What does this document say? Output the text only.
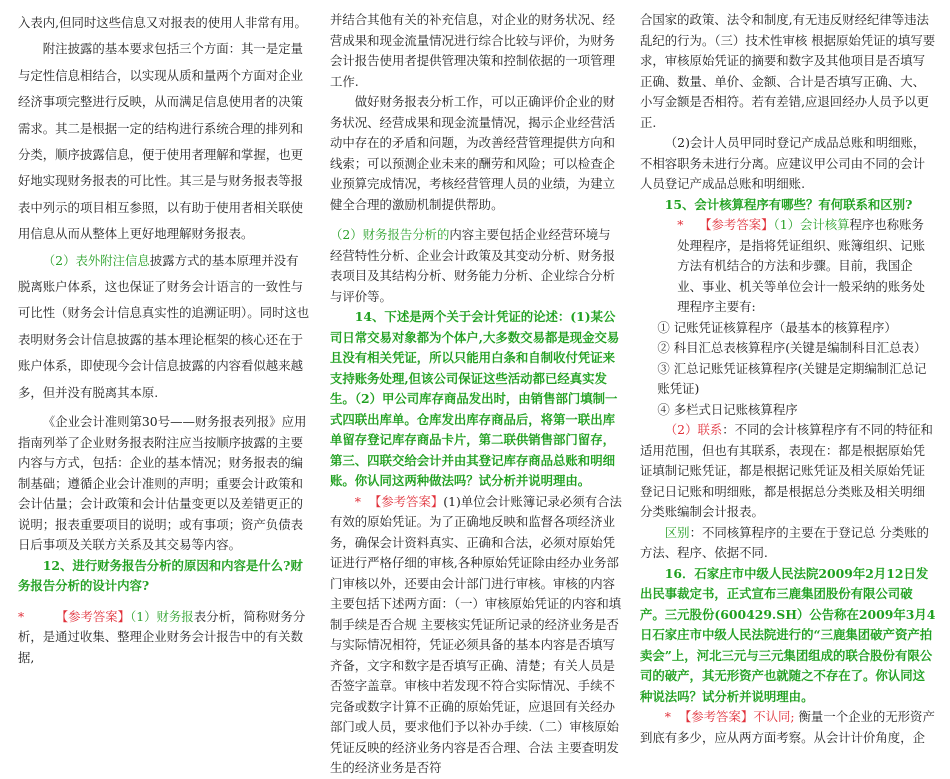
入表内,但同时这些信息又对报表的使用人非常有用。

附注披露的基本要求包括三个方面：其一是定量与定性信息相结合，以实现从质和量两个方面对企业经济事项完整进行反映，从而满足信息使用者的决策需求。其二是根据一定的结构进行系统合理的排列和分类，顺序披露信息，便于使用者理解和掌握，也更好地实现财务报表的可比性。其三是与财务报表等报表中列示的项目相互参照，以有助于使用者相关联使用信息从而从整体上更好地理解财务报表。

（2）表外附注信息披露方式的基本原理并没有脱离账户体系，这也保证了财务会计语言的一致性与可比性（财务会计信息真实性的追溯证明）。同时这也表明财务会计信息披露的基本理论框架的核心还在于账户体系，即使现今会计信息披露的内容看似越来越多，但并没有脱离其本原.

《企业会计准则第30号——财务报表列报》应用指南列举了企业财务报表附注应当按顺序披露的主要内容与方式，包括：企业的基本情况；财务报表的编制基础；遵循企业会计准则的声明；重要会计政策和会计估量；会计政策和会计估量变更以及差错更正的说明；报表重要项目的说明；或有事项；资产负债表日后事项及关联方关系及其交易等内容。

12、进行财务报告分析的原因和内容是什么?财务报告分析的设计内容?

*	【参考答案】（1）财务报表分析，简称财务分析，是通过收集、整理企业财务会计报告中的有关数据,

并结合其他有关的补充信息，对企业的财务状况、经营成果和现金流量情况进行综合比较与评价，为财务会计报告使用者提供管理决策和控制依据的一项管理工作.

做好财务报表分析工作，可以正确评价企业的财务状况、经营成果和现金流量情况，揭示企业经营活动中存在的矛盾和问题，为改善经营管理提供方向和线索；可以预测企业未来的酬劳和风险；可以检查企业预算完成情况，考核经营管理人员的业绩，为建立健全合理的激励机制提供帮助。

（2）财务报告分析的内容主要包括企业经营环境与经营特性分析、企业会计政策及其变动分析、财务报表项目及其结构分析、财务能力分析、企业综合分析与评价等。

14、下述是两个关于会计凭证的论述：(1)某公司日常交易对象都为个体户,大多数交易都是现金交易且没有相关凭证，所以只能用白条和自制收付凭证来支持账务处理,但该公司保证这些活动都已经真实发生。（2）甲公司库存商品发出时，由销售部门填制一式四联出库单。仓库发出库存商品后，将第一联出库单留存登记库存商品卡片，第二联供销售部门留存，第三、四联交给会计并由其登记库存商品总账和明细账。你认同这两种做法吗？试分析并说明理由。

* 【参考答案】(1)单位会计账簿记录必须有合法有效的原始凭证。为了正确地反映和监督各项经济业务，确保会计资料真实、正确和合法，必须对原始凭证进行严格仔细的审核,各种原始凭证除由经办业务部门审核以外，还要由会计部门进行审核。审核的内容主要包括下述两方面：（一）审核原始凭证的内容和填制手续是否合规 主要核实凭证所记录的经济业务是否与实际情况相符，凭证必须具备的基本内容是否填写齐备，文字和数字是否填写正确、清楚；有关人员是否签字盖章。审核中若发现不符合实际情况、手续不完备或数字计算不正确的原始凭证，应退回有关经办部门或人员，要求他们予以补办手续.（二）审核原始凭证反映的经济业务内容是否合理、合法 主要查明发生的经济业务是否符

合国家的政策、法令和制度,有无违反财经纪律等违法乱纪的行为。（三）技术性审核 根据原始凭证的填写要求，审核原始凭证的摘要和数字及其他项目是否填写正确、数量、单价、金额、合计是否填写正确、大、小写金额是否相符。若有差错,应退回经办人员予以更正.

（2)会计人员甲同时登记产成品总账和明细账，不相容职务未进行分离。应建议甲公司由不同的会计人员登记产成品总账和明细账.

15、会计核算程序有哪些？有何联系和区别?

* 【参考答案】（1）会计核算程序也称账务处理程序，是指将凭证组织、账簿组织、记账方法有机结合的方法和步骤。目前，我国企业、事业、机关等单位会计一般采纳的账务处理程序主要有:

① 记账凭证核算程序（最基本的核算程序）

② 科目汇总表核算程序(关键是编制科目汇总表）

③ 汇总记账凭证核算程序(关键是定期编制汇总记账凭证)

④ 多栏式日记账核算程序

（2）联系：不同的会计核算程序有不同的特征和适用范围，但也有其联系，表现在：都是根据原始凭证填制记账凭证，都是根据记账凭证及相关原始凭证登记日记账和明细账，都是根据总分类账及相关明细分类账编制会计报表。

区别：不同核算程序的主要在于登记总 分类账的方法、程序、依据不同.

16．石家庄市中级人民法院2009年2月12日发出民事裁定书，正式宣布三鹿集团股份有限公司破产。三元股份(600429.SH）公告称在2009年3月4日石家庄市中级人民法院进行的“三鹿集团破产资产拍卖会”上，河北三元与三元集团组成的联合股份有限公司的破产，其无形资产也就随之不存在了。你认同这种说法吗？试分析并说明理由。

* 【参考答案】不认同; 衡量一个企业的无形资产到底有多少，应从两方面考察。从会计计价角度，企
